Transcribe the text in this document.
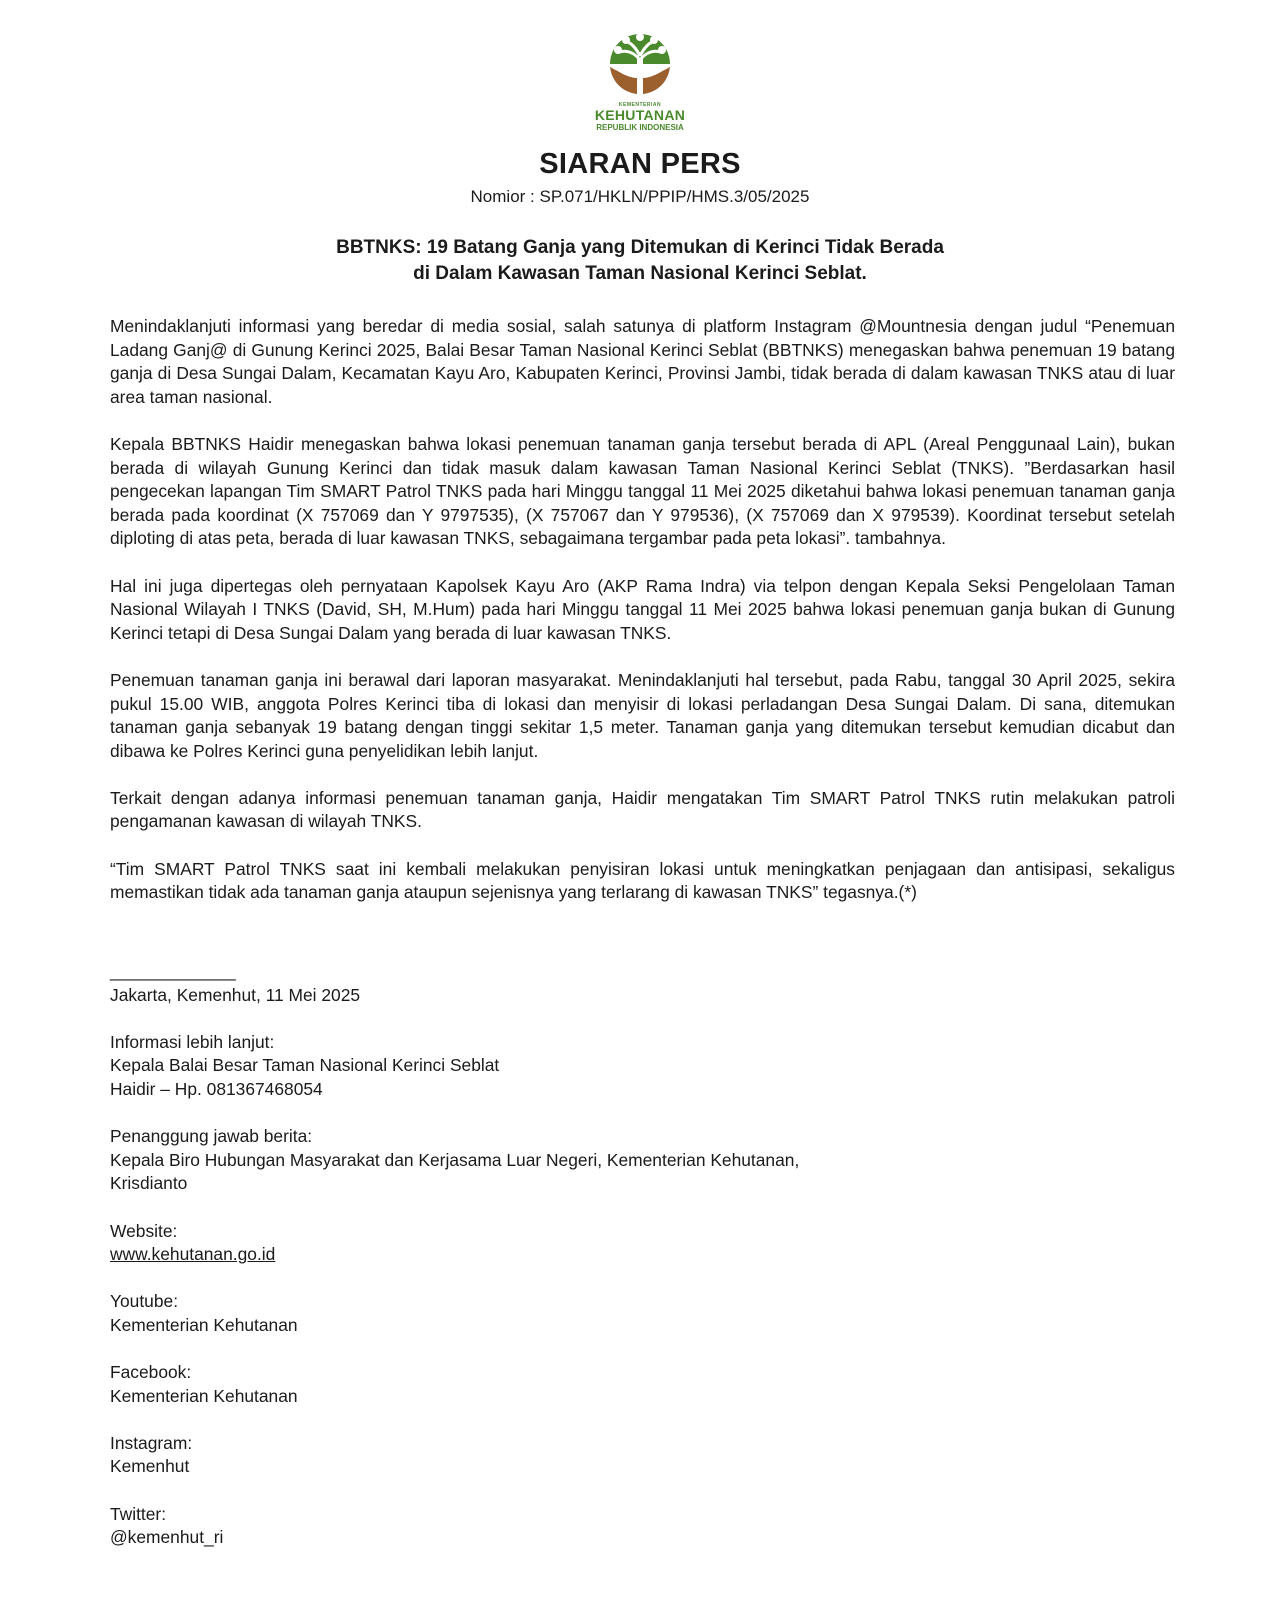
KEMENTERIAN
KEHUTANAN
REPUBLIK INDONESIA
SIARAN PERS
Nomior : SP.071/HKLN/PPIP/HMS.3/05/2025
BBTNKS: 19 Batang Ganja yang Ditemukan di Kerinci Tidak Berada
di Dalam Kawasan Taman Nasional Kerinci Seblat.

Menindaklanjuti informasi yang beredar di media sosial, salah satunya di platform Instagram @Mountnesia dengan judul “Penemuan Ladang Ganj@ di Gunung Kerinci 2025, Balai Besar Taman Nasional Kerinci Seblat (BBTNKS) menegaskan bahwa penemuan 19 batang ganja di Desa Sungai Dalam, Kecamatan Kayu Aro, Kabupaten Kerinci, Provinsi Jambi, tidak berada di dalam kawasan TNKS atau di luar area taman nasional.

Kepala BBTNKS Haidir menegaskan bahwa lokasi penemuan tanaman ganja tersebut berada di APL (Areal Penggunaal Lain), bukan berada di wilayah Gunung Kerinci dan tidak masuk dalam kawasan Taman Nasional Kerinci Seblat (TNKS). ”Berdasarkan hasil pengecekan lapangan Tim SMART Patrol TNKS pada hari Minggu tanggal 11 Mei 2025 diketahui bahwa lokasi penemuan tanaman ganja berada pada koordinat (X 757069 dan Y 9797535), (X 757067 dan Y 979536), (X 757069 dan X 979539). Koordinat tersebut setelah diploting di atas peta, berada di luar kawasan TNKS, sebagaimana tergambar pada peta lokasi”. tambahnya.

Hal ini juga dipertegas oleh pernyataan Kapolsek Kayu Aro (AKP Rama Indra) via telpon dengan Kepala Seksi Pengelolaan Taman Nasional Wilayah I TNKS (David, SH, M.Hum) pada hari Minggu tanggal 11 Mei 2025 bahwa lokasi penemuan ganja bukan di Gunung Kerinci tetapi di Desa Sungai Dalam yang berada di luar kawasan TNKS.

Penemuan tanaman ganja ini berawal dari laporan masyarakat. Menindaklanjuti hal tersebut, pada Rabu, tanggal 30 April 2025, sekira pukul 15.00 WIB, anggota Polres Kerinci tiba di lokasi dan menyisir di lokasi perladangan Desa Sungai Dalam. Di sana, ditemukan tanaman ganja sebanyak 19 batang dengan tinggi sekitar 1,5 meter. Tanaman ganja yang ditemukan tersebut kemudian dicabut dan dibawa ke Polres Kerinci guna penyelidikan lebih lanjut.

Terkait dengan adanya informasi penemuan tanaman ganja, Haidir mengatakan Tim SMART Patrol TNKS rutin melakukan patroli pengamanan kawasan di wilayah TNKS.

“Tim SMART Patrol TNKS saat ini kembali melakukan penyisiran lokasi untuk meningkatkan penjagaan dan antisipasi, sekaligus memastikan tidak ada tanaman ganja ataupun sejenisnya yang terlarang di kawasan TNKS” tegasnya.(*)

_____________
Jakarta, Kemenhut, 11 Mei 2025
Informasi lebih lanjut:
Kepala Balai Besar Taman Nasional Kerinci Seblat
Haidir – Hp. 081367468054
Penanggung jawab berita:
Kepala Biro Hubungan Masyarakat dan Kerjasama Luar Negeri, Kementerian Kehutanan,
Krisdianto
Website:
www.kehutanan.go.id
Youtube:
Kementerian Kehutanan
Facebook:
Kementerian Kehutanan
Instagram:
Kemenhut
Twitter:
@kemenhut_ri
